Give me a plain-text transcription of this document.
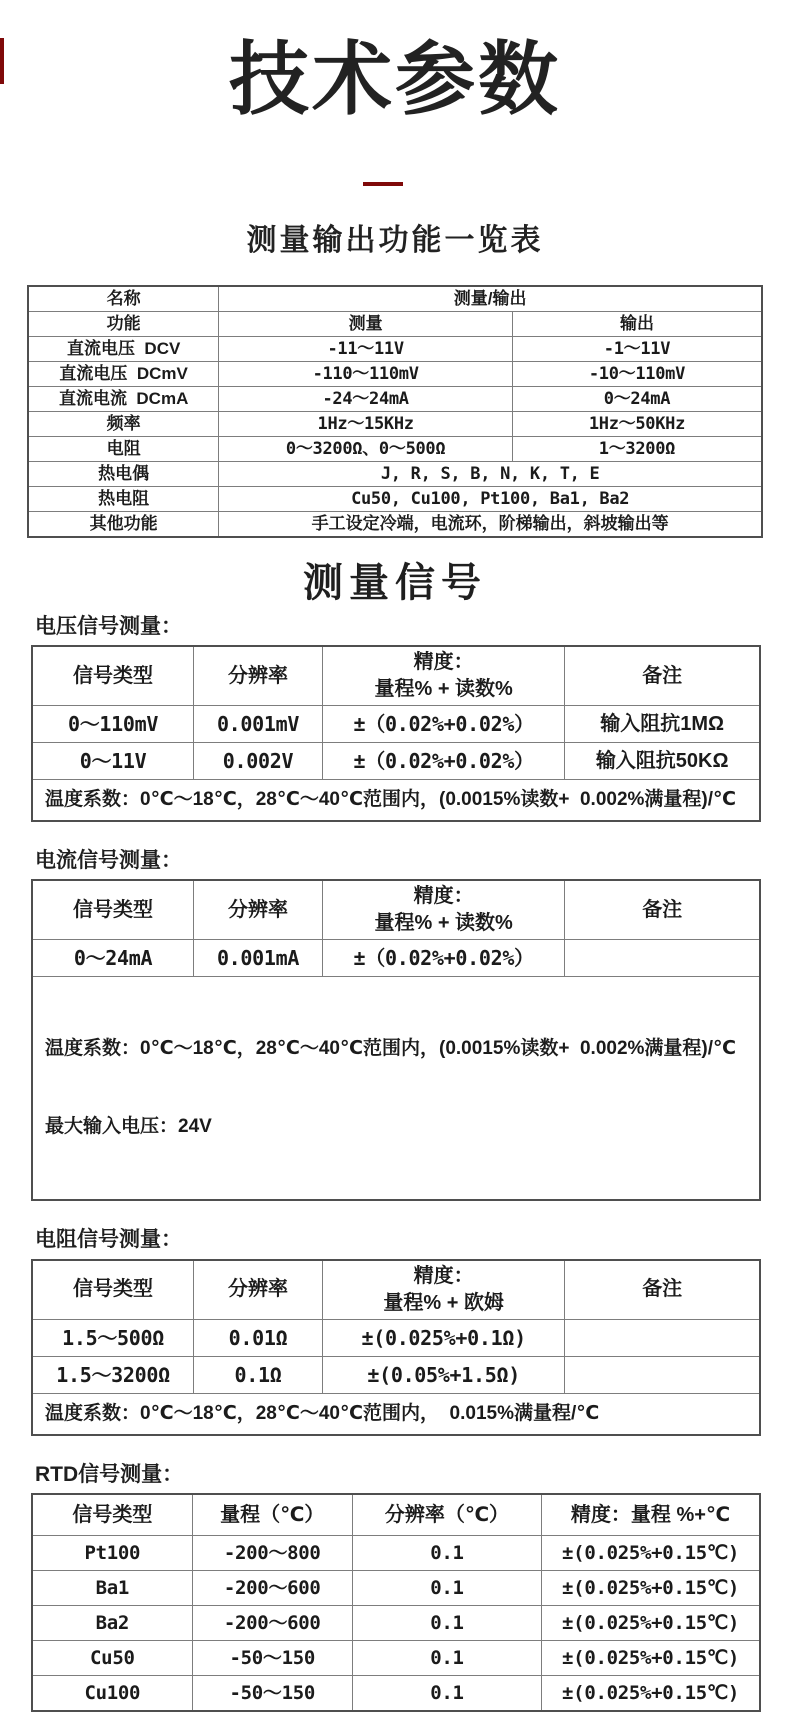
技术参数
测量输出功能一览表
名称	测量/输出	
功能	测量	输出
直流电压  DCV	-11～11V	-1～11V
直流电压  DCmV	-110～110mV	-10～110mV
直流电流  DCmA	-24～24mA	0～24mA
频率	1Hz～15KHz	1Hz～50KHz
电阻	0～3200Ω、0～500Ω	1～3200Ω
热电偶	J, R, S, B, N, K, T, E	
热电阻	Cu50, Cu100, Pt100, Ba1, Ba2	
其他功能	手工设定冷端，电流环，阶梯输出，斜坡输出等	
测量信号
电压信号测量：
信号类型	分辨率	精度：
量程% + 读数%	备注
0～110mV	0.001mV	±（0.02%+0.02%）	输入阻抗1MΩ
0～11V	0.002V	±（0.02%+0.02%）	输入阻抗50KΩ
温度系数：0℃～18℃，28℃～40℃范围内，(0.0015%读数+  0.002%满量程)/℃			
电流信号测量：
信号类型	分辨率	精度：
量程% + 读数%	备注
0～24mA	0.001mA	±（0.02%+0.02%）	

温度系数：0℃～18℃，28℃～40℃范围内，(0.0015%读数+  0.002%满量程)/℃

最大输入电压：24V			

电阻信号测量：
信号类型	分辨率	精度：
量程% + 欧姆	备注
1.5～500Ω	0.01Ω	±(0.025%+0.1Ω)	
1.5～3200Ω	0.1Ω	±(0.05%+1.5Ω)	
温度系数：0℃～18℃，28℃～40℃范围内，  0.015%满量程/℃			
RTD信号测量：
信号类型	量程（℃）	分辨率（℃）	精度：量程 %+℃
Pt100	-200～800	0.1	±(0.025%+0.15℃)
Ba1	-200～600	0.1	±(0.025%+0.15℃)
Ba2	-200～600	0.1	±(0.025%+0.15℃)
Cu50	-50～150	0.1	±(0.025%+0.15℃)
Cu100	-50～150	0.1	±(0.025%+0.15℃)
